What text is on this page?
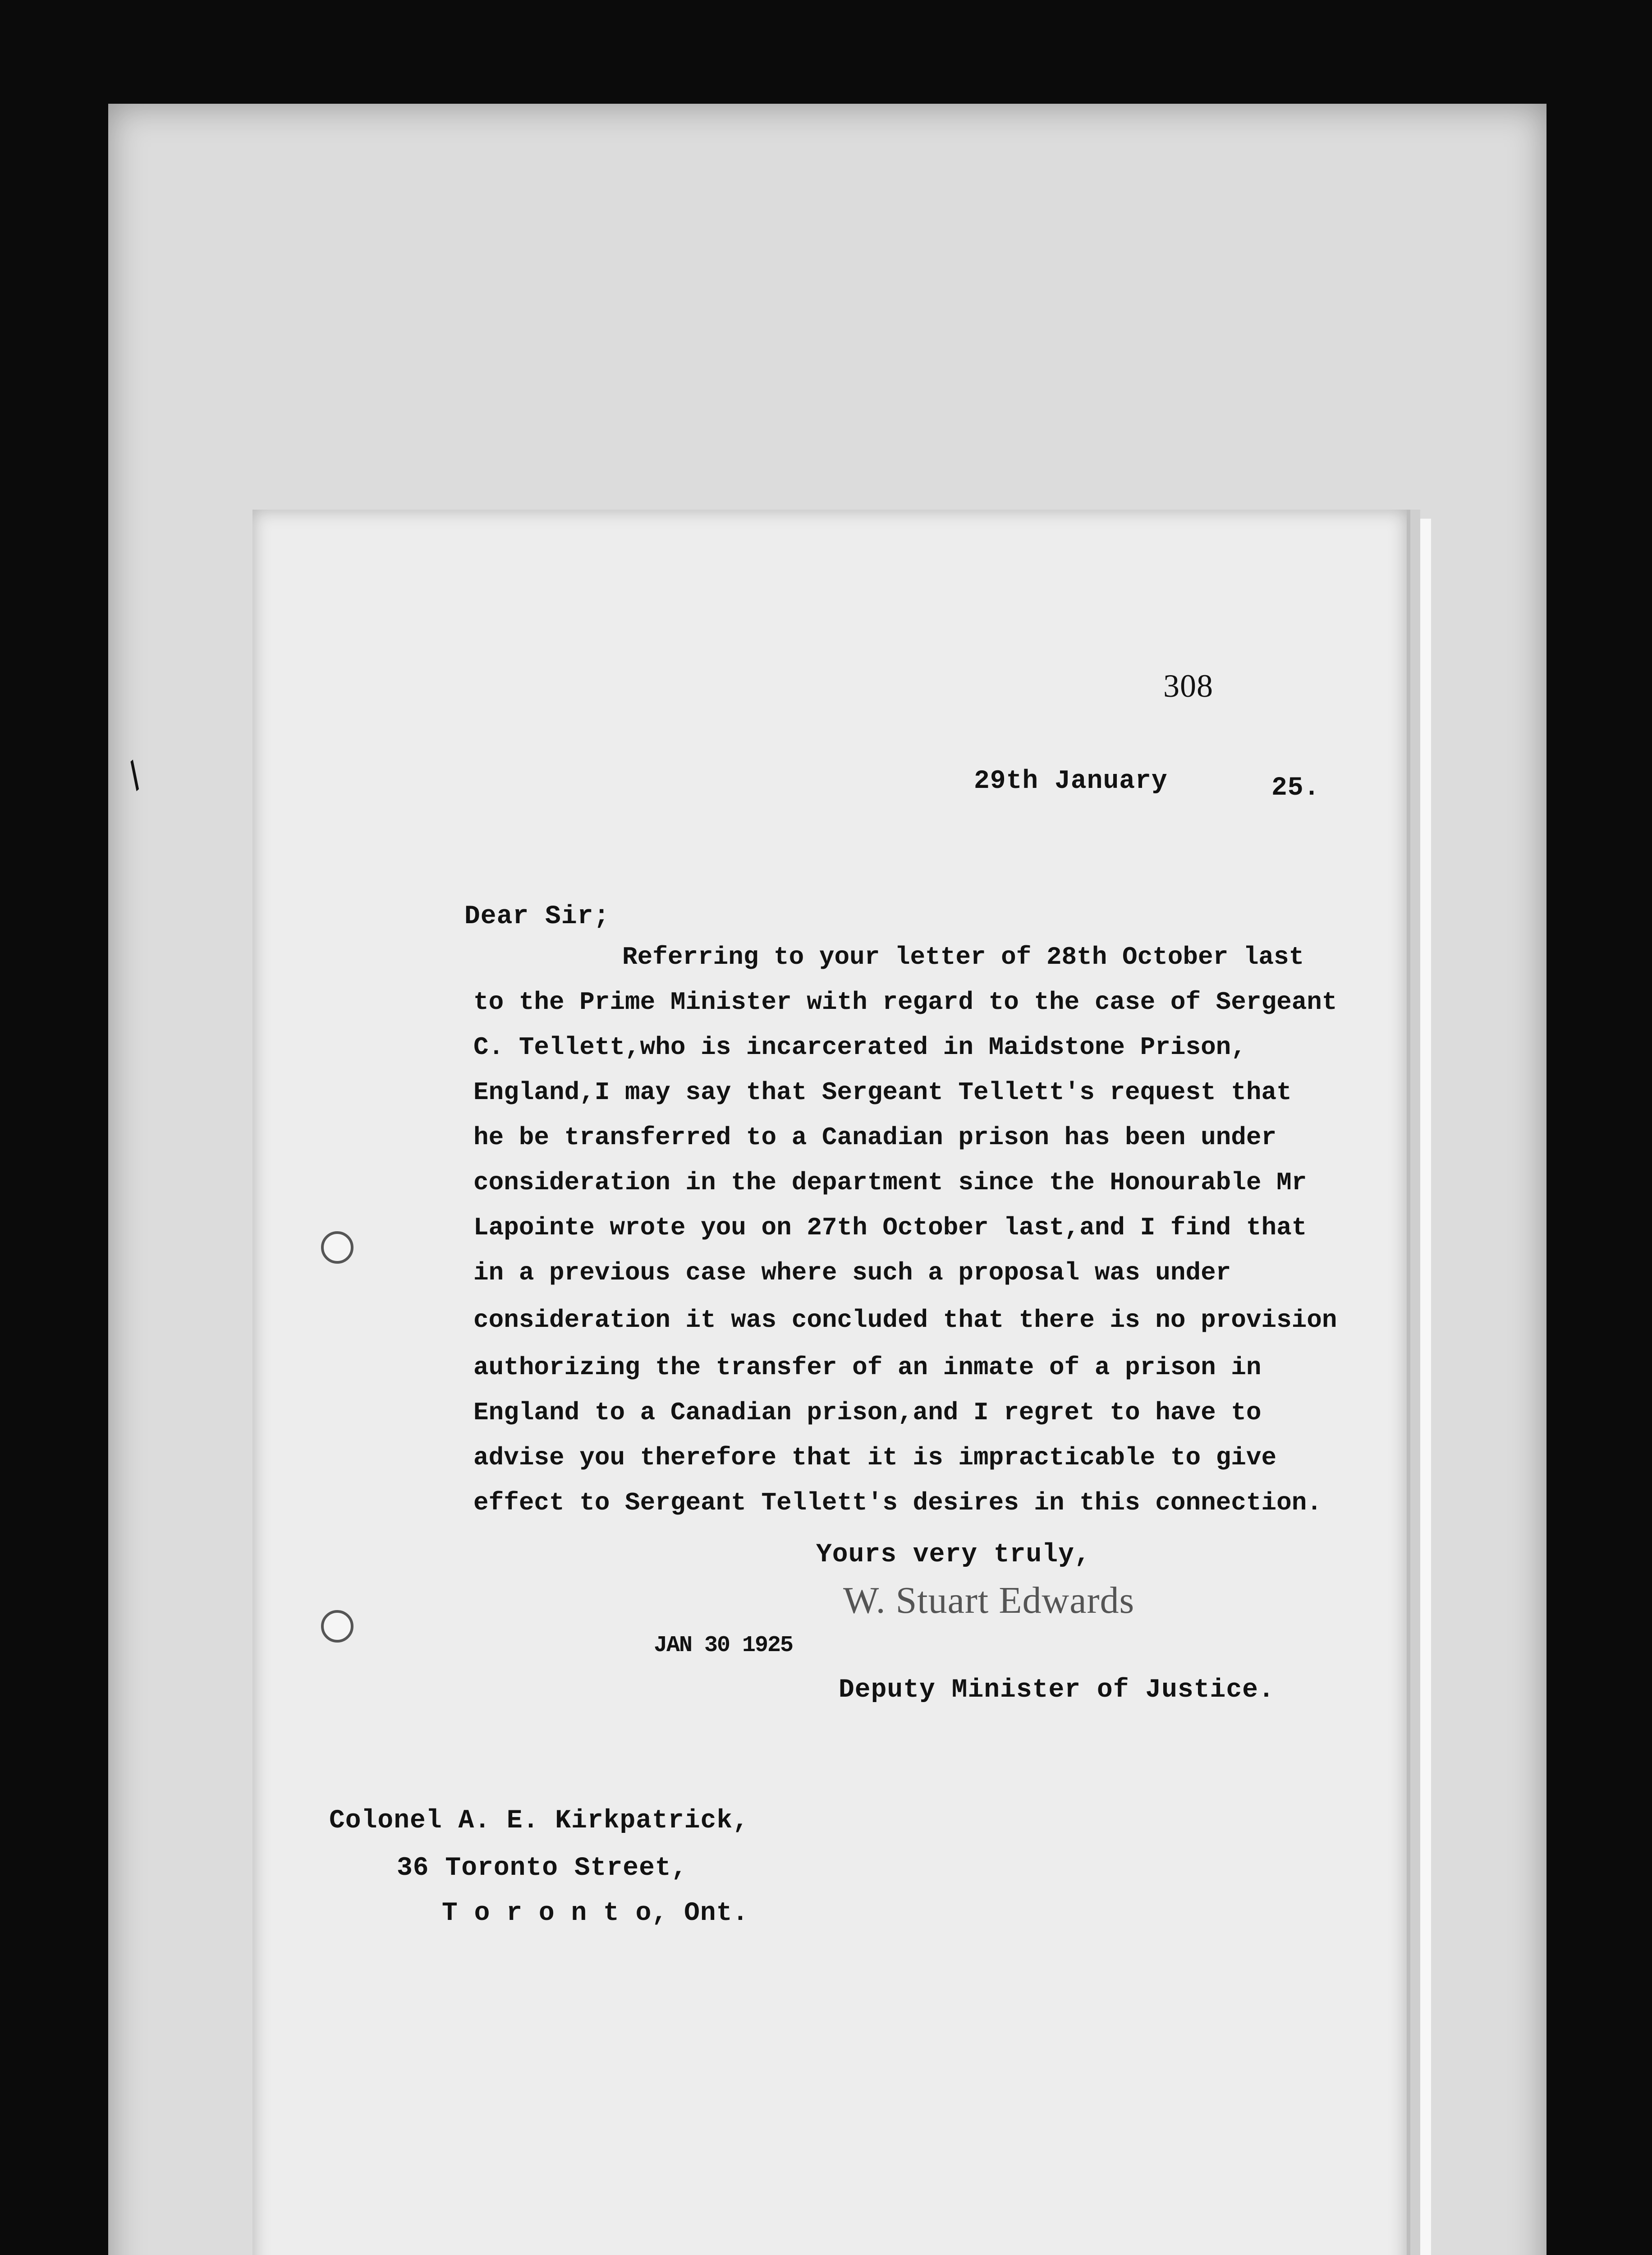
/
308
29th January	25.
Dear Sir;
Referring to your letter of 28th October last
to the Prime Minister with regard to the case of Sergeant
C. Tellett,who is incarcerated in Maidstone Prison,
England,I may say that Sergeant Tellett's request that
he be transferred to a Canadian prison has been under
consideration in the department since the Honourable Mr
Lapointe wrote you on 27th October last,and I find that
in a previous case where such a proposal was under
consideration it was concluded that there is no provision
authorizing the transfer of an inmate of a prison in
England to a Canadian prison,and I regret to have to
advise you therefore that it is impracticable to give
effect to Sergeant Tellett's desires in this connection.
Yours very truly,
W. Stuart Edwards
JAN 30 1925
Deputy Minister of Justice.
Colonel A. E. Kirkpatrick,
36 Toronto Street,
T o r o n t o, Ont.
